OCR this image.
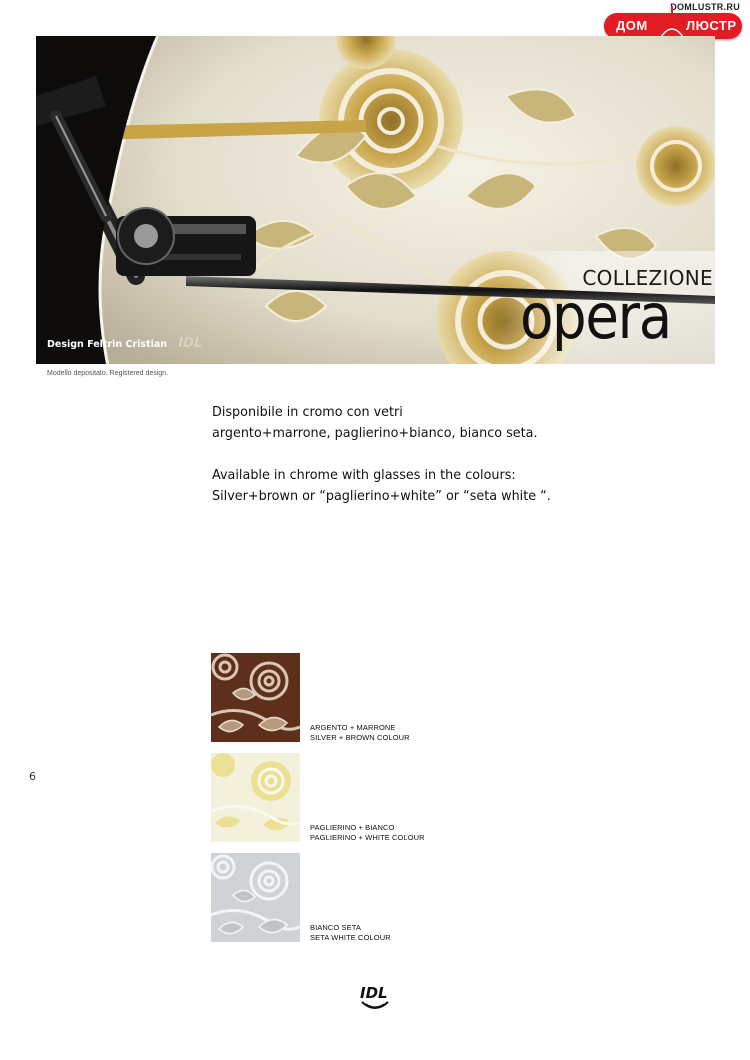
DOMLUSTR.RU
ДОМ	ЛЮСТР
Design Feltrin Cristian IDL
COLLEZIONE
opera
Modello depositato. Registered design.

Disponibile in cromo con vetri
argento+marrone, paglierino+bianco, bianco seta.

Available in chrome with glasses in the colours:
Silver+brown or “paglierino+white” or “seta white “.

6
ARGENTO + MARRONE
SILVER + BROWN COLOUR
PAGLIERINO + BIANCO
PAGLIERINO + WHITE COLOUR
BIANCO SETA
SETA WHITE COLOUR
IDL
